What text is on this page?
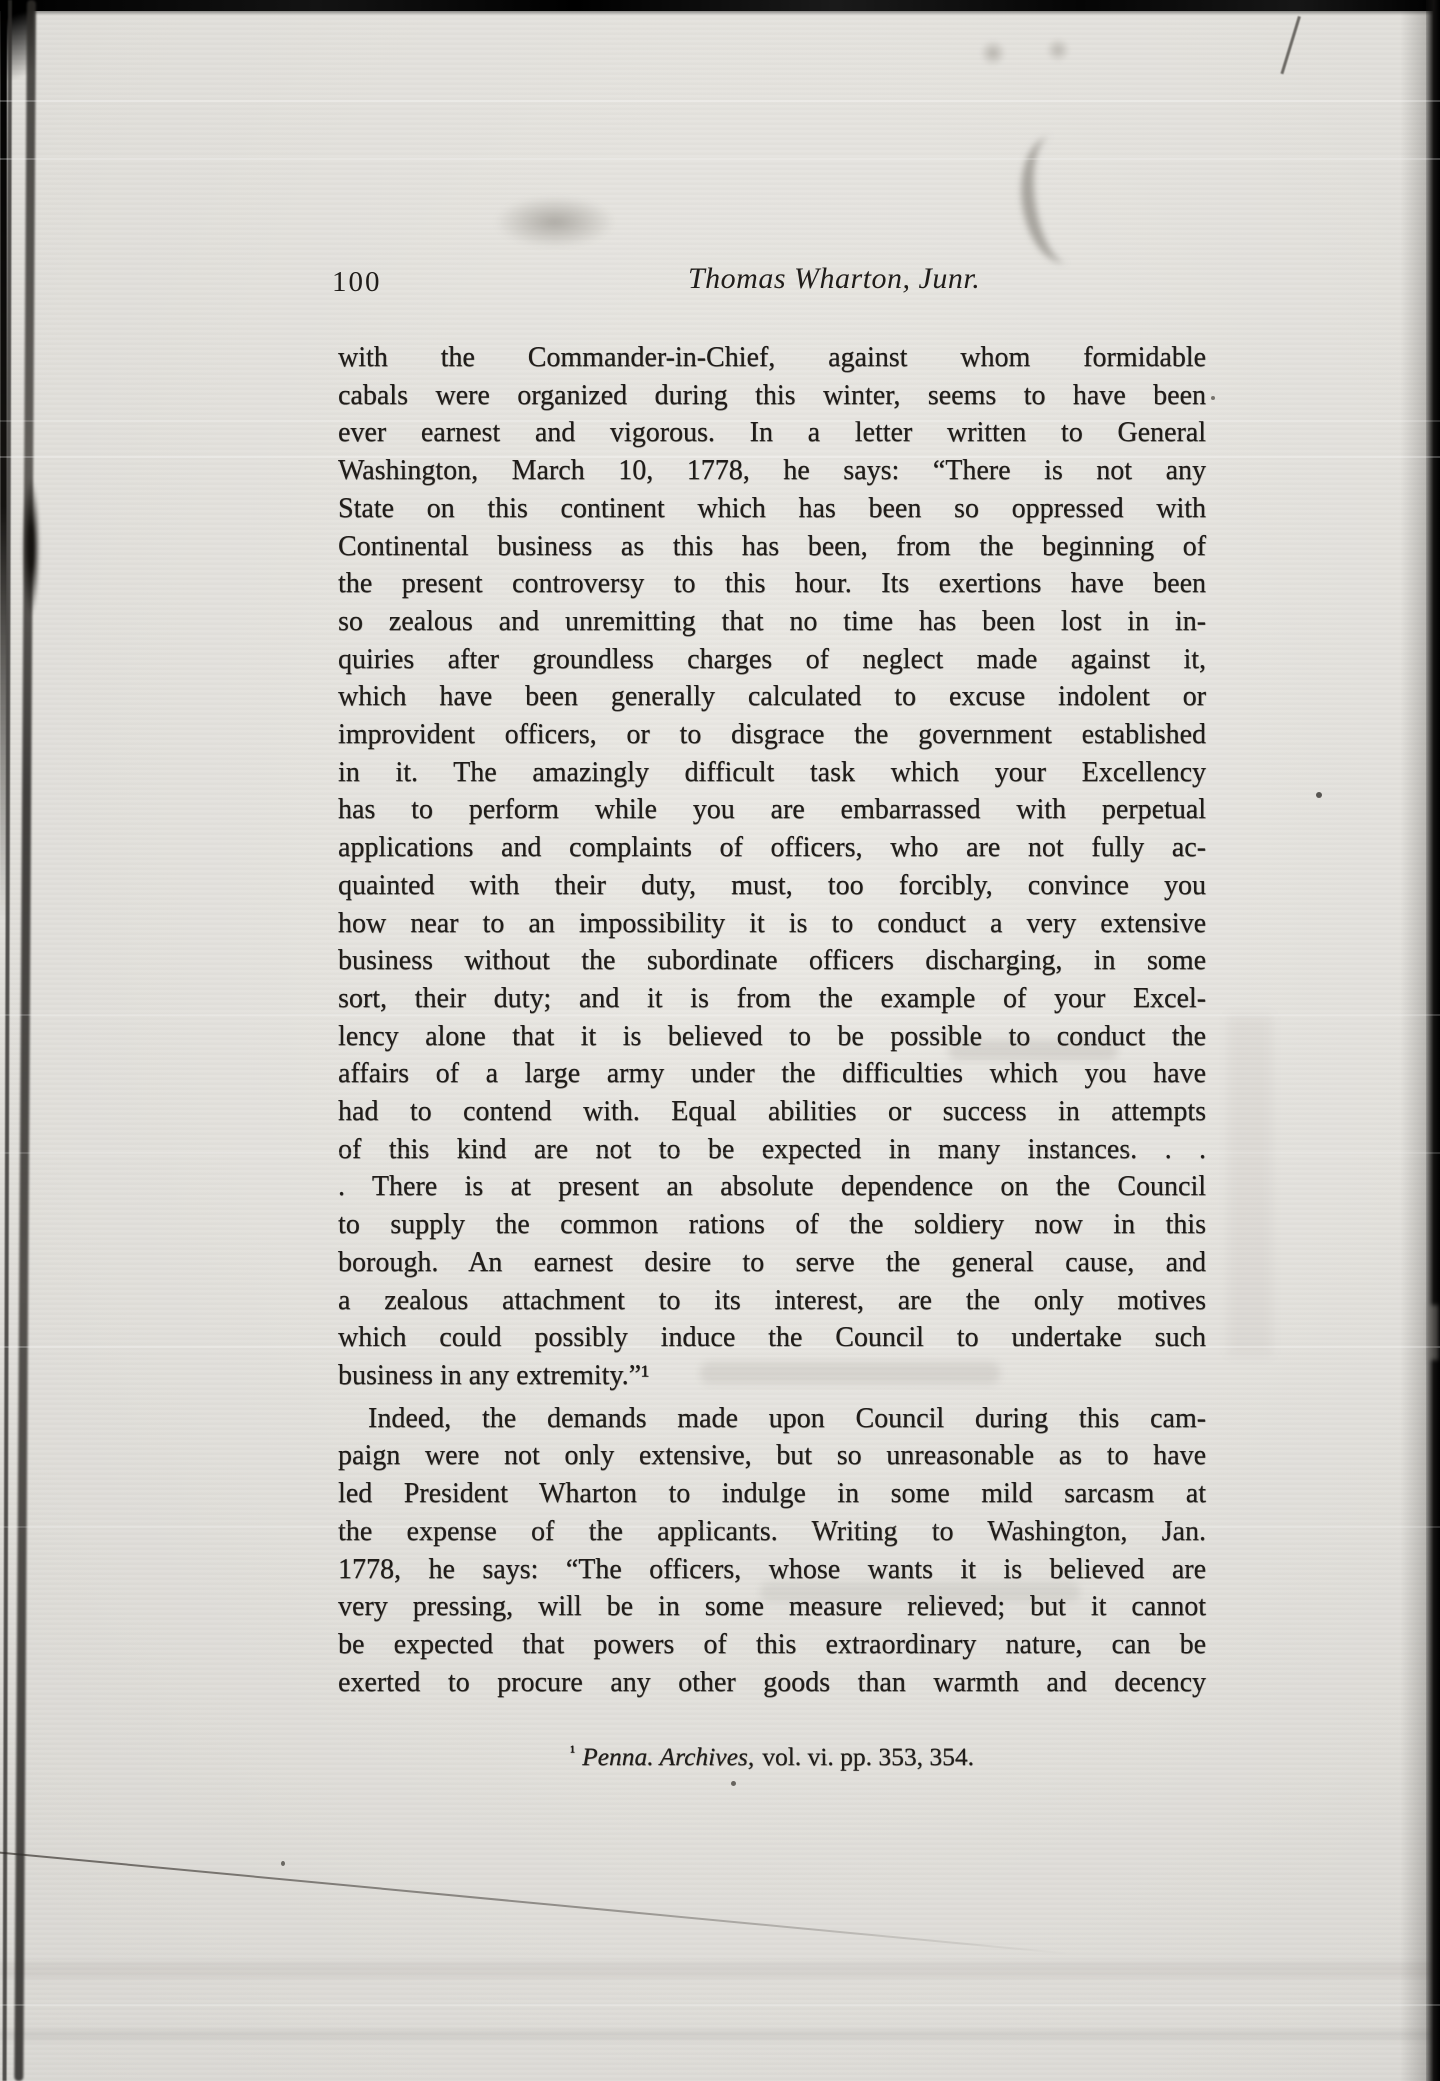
100	Thomas Wharton, Junr.
with the Commander-in-Chief, against whom formidable
cabals were organized during this winter, seems to have been
ever earnest and vigorous. In a letter written to General
Washington, March 10, 1778, he says: “There is not any
State on this continent which has been so oppressed with
Continental business as this has been, from the beginning of
the present controversy to this hour. Its exertions have been
so zealous and unremitting that no time has been lost in in-
quiries after groundless charges of neglect made against it,
which have been generally calculated to excuse indolent or
improvident officers, or to disgrace the government established
in it. The amazingly difficult task which your Excellency
has to perform while you are embarrassed with perpetual
applications and complaints of officers, who are not fully ac-
quainted with their duty, must, too forcibly, convince you
how near to an impossibility it is to conduct a very extensive
business without the subordinate officers discharging, in some
sort, their duty; and it is from the example of your Excel-
lency alone that it is believed to be possible to conduct the
affairs of a large army under the difficulties which you have
had to contend with. Equal abilities or success in attempts
of this kind are not to be expected in many instances. . .
. There is at present an absolute dependence on the Council
to supply the common rations of the soldiery now in this
borough. An earnest desire to serve the general cause, and
a zealous attachment to its interest, are the only motives
which could possibly induce the Council to undertake such
business in any extremity.”¹
Indeed, the demands made upon Council during this cam-
paign were not only extensive, but so unreasonable as to have
led President Wharton to indulge in some mild sarcasm at
the expense of the applicants. Writing to Washington, Jan.
1778, he says: “The officers, whose wants it is believed are
very pressing, will be in some measure relieved; but it cannot
be expected that powers of this extraordinary nature, can be
exerted to procure any other goods than warmth and decency
$^{^1}$ Penna. Archives, vol. vi. pp. 353, 354.
